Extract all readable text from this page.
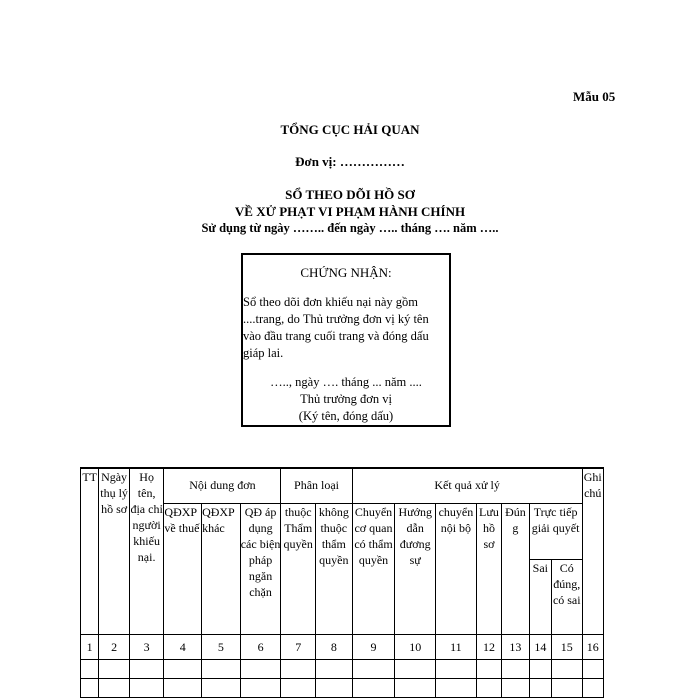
Mẫu 05
TỔNG CỤC HẢI QUAN
Đơn vị: ……………
SỔ THEO DÕI HỒ SƠ
VỀ XỬ PHẠT VI PHẠM HÀNH CHÍNH
Sử dụng từ ngày …….. đến ngày ….. tháng …. năm …..
CHỨNG NHẬN:
Sổ theo dõi đơn khiếu nại này gồm ....trang, do Thủ trưởng đơn vị ký tên vào đầu trang cuối trang và đóng dấu giáp lai.
….., ngày …. tháng ... năm ....
Thủ trưởng đơn vị
(Ký tên, đóng dấu)
TT	Ngày thụ lý hồ sơ	Họ tên, địa chỉ người khiếu nại.	Nội dung đơn			Phân loại		Kết quả xử lý							Ghi chú
			QĐXP về thuế	QĐXP khác	QĐ áp dụng các biện pháp ngăn chặn	thuộc Thẩm quyền	không thuộc thẩm quyền	Chuyển cơ quan có thẩm quyền	Hướng dẫn đương sự	chuyển nội bộ	Lưu hồ sơ	Đúng	Trực tiếp giải quyết		
													Sai	Có đúng, có sai	
1	2	3	4	5	6	7	8	9	10	11	12	13	14	15	16
